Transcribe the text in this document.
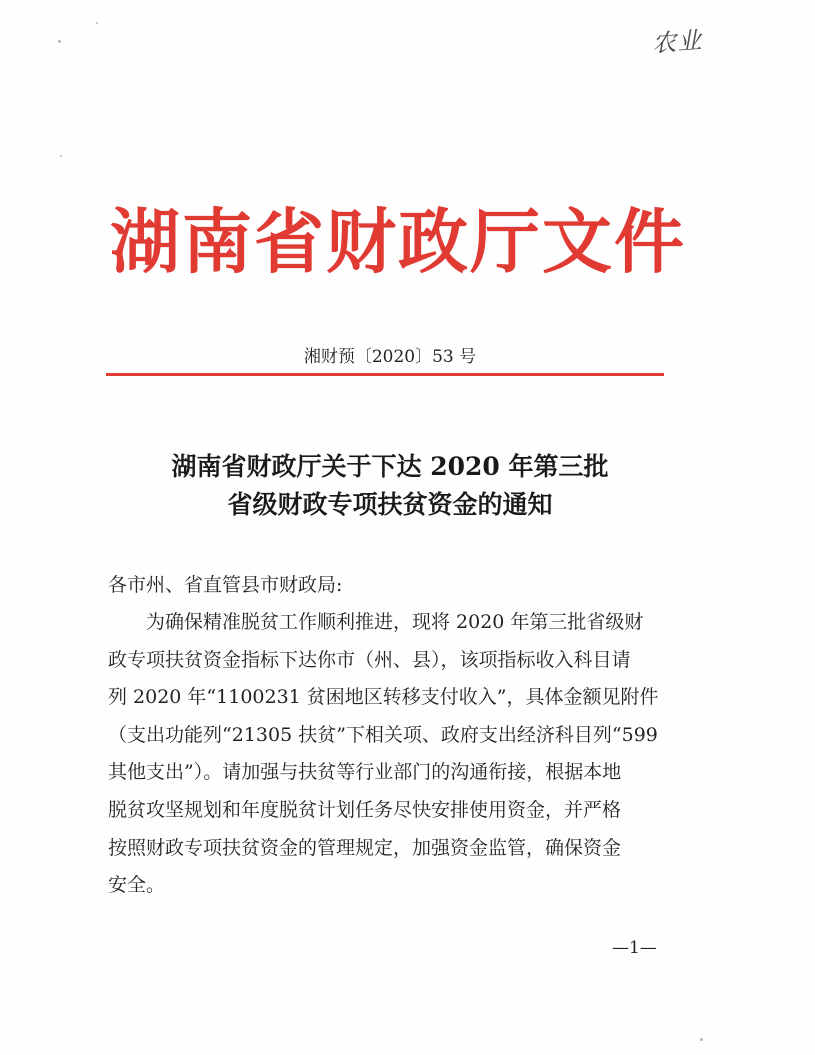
农业
湖南省财政厅文件
湘财预〔2020〕53 号
湖南省财政厅关于下达 2020 年第三批
省级财政专项扶贫资金的通知
各市州、省直管县市财政局:
为确保精准脱贫工作顺利推进，现将 2020 年第三批省级财
政专项扶贫资金指标下达你市（州、县），该项指标收入科目请
列 2020 年“1100231 贫困地区转移支付收入”，具体金额见附件
（支出功能列“21305 扶贫”下相关项、政府支出经济科目列“599
其他支出”）。请加强与扶贫等行业部门的沟通衔接，根据本地
脱贫攻坚规划和年度脱贫计划任务尽快安排使用资金，并严格
按照财政专项扶贫资金的管理规定，加强资金监管，确保资金
安全。
—1—
